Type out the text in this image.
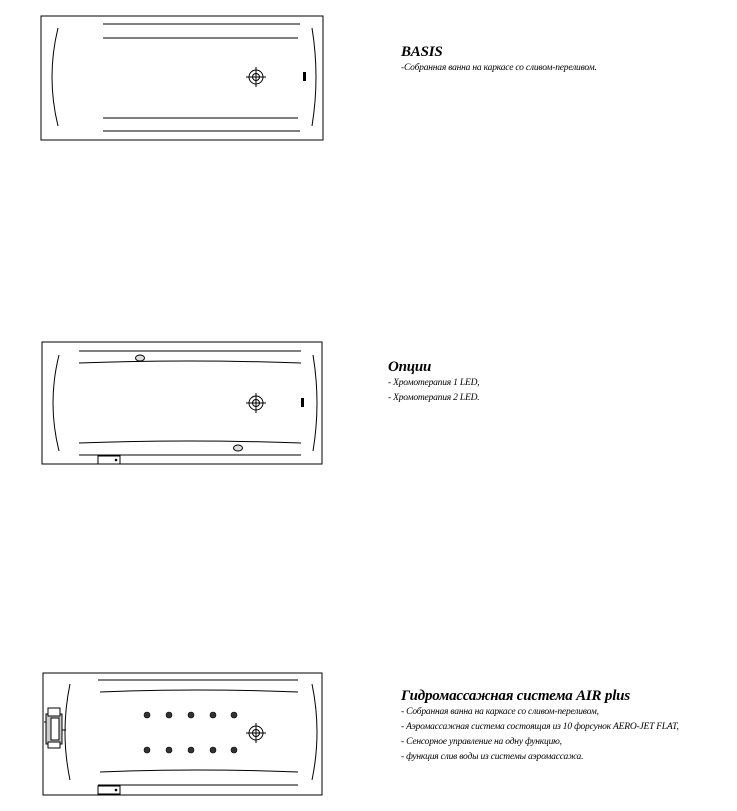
BASIS
-Собранная ванна на каркасе со сливом-переливом.
Опции
- Хромотерапия 1 LED,
- Хромотерапия 2 LED.
Гидромассажная система AIR plus
- Собранная ванна на каркасе со сливом-переливом,
- Аэромассажная система состоящая из 10 форсунок AERO-JET FLAT,
- Сенсорное управление на одну функцию,
- функция слив воды из системы аэромассажа.
